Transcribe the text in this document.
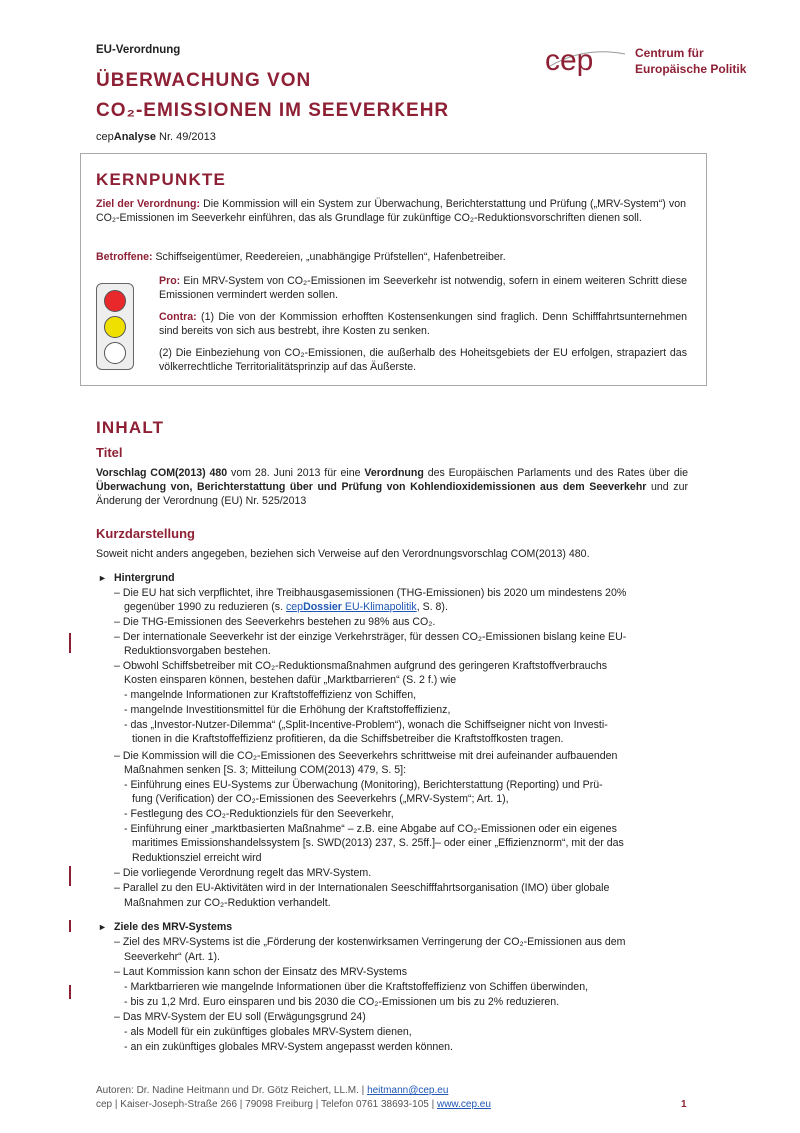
EU-Verordnung
ÜBERWACHUNG VON
CO₂-EMISSIONEN IM SEEVERKEHR
cepAnalyse Nr. 49/2013
cep	Centrum für
Europäische Politik
KERNPUNKTE
Ziel der Verordnung: Die Kommission will ein System zur Überwachung, Berichterstattung und Prüfung („MRV-System“) von CO₂-Emissionen im Seeverkehr einführen, das als Grundlage für zukünftige CO₂-Reduktionsvorschriften dienen soll.
Betroffene: Schiffseigentümer, Reedereien, „unabhängige Prüfstellen“, Hafenbetreiber.
Pro: Ein MRV-System von CO₂-Emissionen im Seeverkehr ist notwendig, sofern in einem weiteren Schritt diese Emissionen vermindert werden sollen.
Contra: (1) Die von der Kommission erhofften Kostensenkungen sind fraglich. Denn Schifffahrtsunternehmen sind bereits von sich aus bestrebt, ihre Kosten zu senken.
(2) Die Einbeziehung von CO₂-Emissionen, die außerhalb des Hoheitsgebiets der EU erfolgen, strapaziert das völkerrechtliche Territorialitätsprinzip auf das Äußerste.
INHALT
Titel
Vorschlag COM(2013) 480 vom 28. Juni 2013 für eine Verordnung des Europäischen Parlaments und des Rates über die Überwachung von, Berichterstattung über und Prüfung von Kohlendioxidemissionen aus dem Seeverkehr und zur Änderung der Verordnung (EU) Nr. 525/2013
Kurzdarstellung
Soweit nicht anders angegeben, beziehen sich Verweise auf den Verordnungsvorschlag COM(2013) 480.
► Hintergrund
– Die EU hat sich verpflichtet, ihre Treibhausgasemissionen (THG-Emissionen) bis 2020 um mindestens 20%
gegenüber 1990 zu reduzieren (s. cepDossier EU-Klimapolitik, S. 8).
– Die THG-Emissionen des Seeverkehrs bestehen zu 98% aus CO₂.
– Der internationale Seeverkehr ist der einzige Verkehrsträger, für dessen CO₂-Emissionen bislang keine EU-
Reduktionsvorgaben bestehen.
– Obwohl Schiffsbetreiber mit CO₂-Reduktionsmaßnahmen aufgrund des geringeren Kraftstoffverbrauchs
Kosten einsparen können, bestehen dafür „Marktbarrieren“ (S. 2 f.) wie
- mangelnde Informationen zur Kraftstoffeffizienz von Schiffen,
- mangelnde Investitionsmittel für die Erhöhung der Kraftstoffeffizienz,
- das „Investor-Nutzer-Dilemma“ („Split-Incentive-Problem“), wonach die Schiffseigner nicht von Investi-
tionen in die Kraftstoffeffizienz profitieren, da die Schiffsbetreiber die Kraftstoffkosten tragen.
– Die Kommission will die CO₂-Emissionen des Seeverkehrs schrittweise mit drei aufeinander aufbauenden
Maßnahmen senken [S. 3; Mitteilung COM(2013) 479, S. 5]:
- Einführung eines EU-Systems zur Überwachung (Monitoring), Berichterstattung (Reporting) und Prü-
fung (Verification) der CO₂-Emissionen des Seeverkehrs („MRV-System“; Art. 1),
- Festlegung des CO₂-Reduktionziels für den Seeverkehr,
- Einführung einer „marktbasierten Maßnahme“ – z.B. eine Abgabe auf CO₂-Emissionen oder ein eigenes
maritimes Emissionshandelssystem [s. SWD(2013) 237, S. 25ff.]– oder einer „Effizienznorm“, mit der das
Reduktionsziel erreicht wird
– Die vorliegende Verordnung regelt das MRV-System.
– Parallel zu den EU-Aktivitäten wird in der Internationalen Seeschifffahrtsorganisation (IMO) über globale
Maßnahmen zur CO₂-Reduktion verhandelt.
► Ziele des MRV-Systems
– Ziel des MRV-Systems ist die „Förderung der kostenwirksamen Verringerung der CO₂-Emissionen aus dem
Seeverkehr“ (Art. 1).
– Laut Kommission kann schon der Einsatz des MRV-Systems
- Marktbarrieren wie mangelnde Informationen über die Kraftstoffeffizienz von Schiffen überwinden,
- bis zu 1,2 Mrd. Euro einsparen und bis 2030 die CO₂-Emissionen um bis zu 2% reduzieren.
– Das MRV-System der EU soll (Erwägungsgrund 24)
- als Modell für ein zukünftiges globales MRV-System dienen,
- an ein zukünftiges globales MRV-System angepasst werden können.
Autoren: Dr. Nadine Heitmann und Dr. Götz Reichert, LL.M. | heitmann@cep.eu
cep | Kaiser-Joseph-Straße 266 | 79098 Freiburg | Telefon 0761 38693-105 | www.cep.eu	1
